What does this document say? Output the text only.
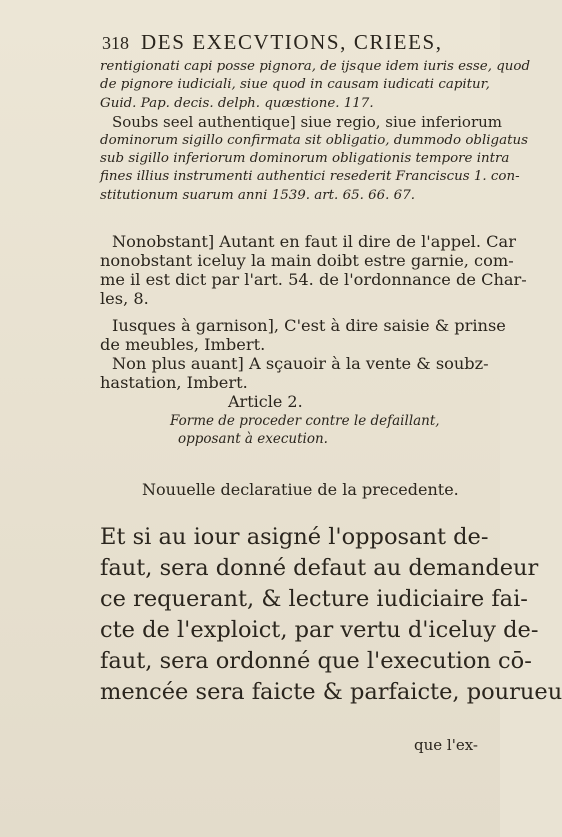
318 DES EXECVTIONS, CRIEES,
rentigionati capi posse pignora, de ijsque idem iuris esse, quod
de pignore iudiciali, siue quod in causam iudicati capitur,
Guid. Pap. decis. delph. quæstione. 117.
Soubs seel authentique] siue regio, siue inferiorum
dominorum sigillo confirmata sit obligatio, dummodo obligatus
sub sigillo inferiorum dominorum obligationis tempore intra
fines illius instrumenti authentici resederit Franciscus 1. con-
stitutionum suarum anni 1539. art. 65. 66. 67.
Nonobstant] Autant en faut il dire de l'appel. Car
nonobstant iceluy la main doibt estre garnie, com-
me il est dict par l'art. 54. de l'ordonnance de Char-
les, 8.
Iusques à garnison], C'est à dire saisie & prinse
de meubles, Imbert.
Non plus auant] A sçauoir à la vente & soubz-
hastation, Imbert.
Article 2.
Forme de proceder contre le defaillant,
opposant à execution.
Nouuelle declaratiue de la precedente.
Et si au iour asigné l'opposant de-
faut, sera donné defaut au demandeur
ce requerant, & lecture iudiciaire fai-
cte de l'exploict, par vertu d'iceluy de-
faut, sera ordonné que l'execution cō-
mencée sera faicte & parfaicte, pourueu
que l'ex-
